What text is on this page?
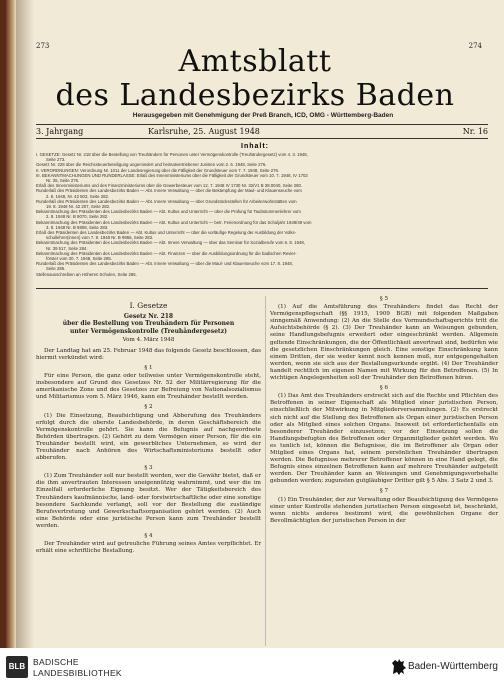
273	274
Amtsblatt
des Landesbezirks Baden
Herausgegeben mit Genehmigung der Preß Branch, ICD, OMG - Württemberg-Baden
3. Jahrgang	Karlsruhe, 25. August 1948	Nr. 16
Inhalt:
I. GESETZE: Gesetz Nr. 218 über die Bestellung von Treuhändern für Personen unter Vermögenskontrolle (Treuhändergesetz) vom 4. 3. 1948,
Seite 273.
Gesetz Nr. 228 über die Reichssteuerbeteiligung ungemindert und heimatvertriebener Juristen vom 2. 6. 1948, Seite 276.
II. VERORDNUNGEN: Verordnung Nr. 1011 der Landesregierung über die Fälligkeit der Grundsteuer vom 7. 7. 1948, Seite 276.
III. BEKANNTMACHUNGEN UND RUNDERLASSE: Erlaß des Innenministeriums über die Fälligkeit der Grundsteuer vom 10. 7. 1948, IV 1702
Nr. 35, Seite 276.
Erlaß des Innenministeriums und des Finanzministeriums über die Gewerbesteuer vom 12. 7. 1948 IV 1730 Nr. 32/V1 B 38.0040, Seite 280.
Runderlaß des Präsidenten des Landesbezirks Baden — Abt. Innere Verwaltung — über die Bekämpfung der Maul- und Klauenseuche vom
2. 8. 1948, Nr. 42 503, Seite 282.
Runderlaß des Präsidenten des Landesbezirks Baden — Abt. Innere Verwaltung — über Grundstücksstellen für Arbeiterwohnstätten vom
19. 8. 1948 Nr. 42 207, Seite 282.
Bekanntmachung des Präsidenten des Landesbezirks Baden — Abt. Kultus und Unterricht — über die Prüfung für Taubstummenlehrer vom
2. 8. 1948 Nr. B 9070, Seite 282.
Bekanntmachung des Präsidenten des Landesbezirks Baden — Abt. Kultus und Unterricht — betr. Ferienordnung für das Schuljahr 1948/49 vom
3. 8. 1948 Nr. B 9808, Seite 283.
Erlaß des Präsidenten des Landesbezirks Baden — Abt. Kultus und Unterricht — über die vorläufige Regelung der Ausbildung der Volks-
schullehrer(innen) vom 7. 8. 1948 Nr. B 9955, Seite 283.
Bekanntmachung des Präsidenten des Landesbezirks Baden — Abt. Innere Verwaltung — über das Seminar für Sozialberufe vom 6. 8. 1948,
Nr. 39 517, Seite 284.
Bekanntmachung des Präsidenten des Landesbezirks Baden — Abt. Finanzen — über die Ausbildungsordnung für die badischen Revier-
förster vom 30. 7. 1948, Seite 285.
Runderlaß des Präsidenten des Landesbezirks Baden — Abt. Innere Verwaltung — über die Maul- und Klauenseuche vom 17. 8. 1948,
Seite 286.
Stellenausschreiben an Höheren Schulen, Seite 286.
I. Gesetze
Gesetz Nr. 218
über die Bestellung von Treuhändern für Personen
unter Vermögenskontrolle (Treuhändergesetz)
Vom 4. März 1948
Der Landtag hat am 25. Februar 1948 das folgende Gesetz beschlossen, das hiermit verkündet wird:
§ 1
Für eine Person, die ganz oder teilweise unter Vermögenskontrolle steht, insbesondere auf Grund des Gesetzes Nr. 52 der Militärregierung für die amerikanische Zone und des Gesetzes zur Befreiung von Nationalsozialismus und Militarismus vom 5. März 1946, kann ein Treuhänder bestellt werden.
§ 2
(1) Die Einsetzung, Beaufsichtigung und Abberufung des Treuhänders erfolgt durch die oberste Landesbehörde, in deren Geschäftsbereich die Vermögenskontrolle gehört. Sie kann die Befugnis auf nachgeordnete Behörden übertragen. (2) Gehört zu dem Vermögen einer Person, für die ein Treuhänder bestellt wird, ein gewerbliches Unternehmen, so wird der Treuhänder nach Anhören des Wirtschaftsministeriums bestellt oder abberufen.
§ 3
(1) Zum Treuhänder soll nur bestellt werden, wer die Gewähr bietet, daß er die ihm anvertrauten Interessen uneigennützig wahrnimmt, und wer die im Einzelfall erforderliche Eignung besitzt. Wer der Tätigkeitsbereich des Treuhänders kaufmännische, land- oder forstwirtschaftliche oder eine sonstige besondere Sachkunde verlangt, soll vor der Bestellung die zuständige Berufsvertretung und Gewerkschaftsorganisation gehört werden. (2) Auch eine Behörde oder eine juristische Person kann zum Treuhänder bestellt werden.
§ 4
Der Treuhänder wird auf getreuliche Führung seines Amtes verpflichtet. Er erhält eine schriftliche Bestallung.
§ 5
(1) Auf die Amtsführung des Treuhänders findet das Recht der Vermögenspflegschaft (§§ 1915, 1909 BGB) mit folgenden Maßgaben sinngemäß Anwendung: (2) An die Stelle des Vormundschaftsgerichts tritt die Aufsichtsbehörde (§ 2). (3) Der Treuhänder kann an Weisungen gebunden, seine Handlungsbefugnis erweitert oder eingeschränkt werden. Allgemein geltende Einschränkungen, die der Öffentlichkeit anvertraut sind, bedürfen wie die gesetzlichen Einschränkungen gleich. Eine sonstige Einschränkung kann einem Dritten, der sie weder kennt noch kennen muß, nur entgegengehalten werden, wenn sie sich aus der Bestallungsurkunde ergibt. (4) Der Treuhänder handelt rechtlich im eigenen Namen mit Wirkung für den Betroffenen. (5) In wichtigen Angelegenheiten soll der Treuhänder den Betroffenen hören.
§ 6
(1) Das Amt des Treuhänders erstreckt sich auf die Rechte und Pflichten des Betroffenen in seiner Eigenschaft als Mitglied einer juristischen Person, einschließlich der Mitwirkung in Mitgliederversammlungen. (2) Es erstreckt sich nicht auf die Stellung des Betroffenen als Organ einer juristischen Person oder als Mitglied eines solchen Organs. Insoweit ist erforderlichenfalls ein besonderer Treuhänder einzusetzen; vor der Einsetzung sollen die Handlungsbefugten des Betroffenen oder Organmitglieder gehört werden. Wo es tunlich ist, können die Befugnisse, die im Betroffener als Organ oder Mitglied eines Organs hat, seinem persönlichen Treuhänder übertragen werden. Die Befugnisse mehrerer Betroffener können in eine Hand gelegt, die Befugnis eines einzelnen Betroffenen kann auf mehrere Treuhänder aufgeteilt werden. Der Treuhänder kann an Weisungen und Genehmigungsvorbehalte gebunden werden; zugunsten gutgläubiger Dritter gilt § 5 Abs. 3 Satz 2 und 3.
§ 7
(1) Ein Treuhänder, der zur Verwaltung oder Beaufsichtigung des Vermögens einer unter Kontrolle stehenden juristischen Person eingesetzt ist, beschränkt, wenn nichts anderes bestimmt wird, die gewöhnlichen Organe der Bevollmächtigten der juristischen Person in der
BLB BADISCHE
LANDESBIBLIOTHEK
Baden-Württemberg
